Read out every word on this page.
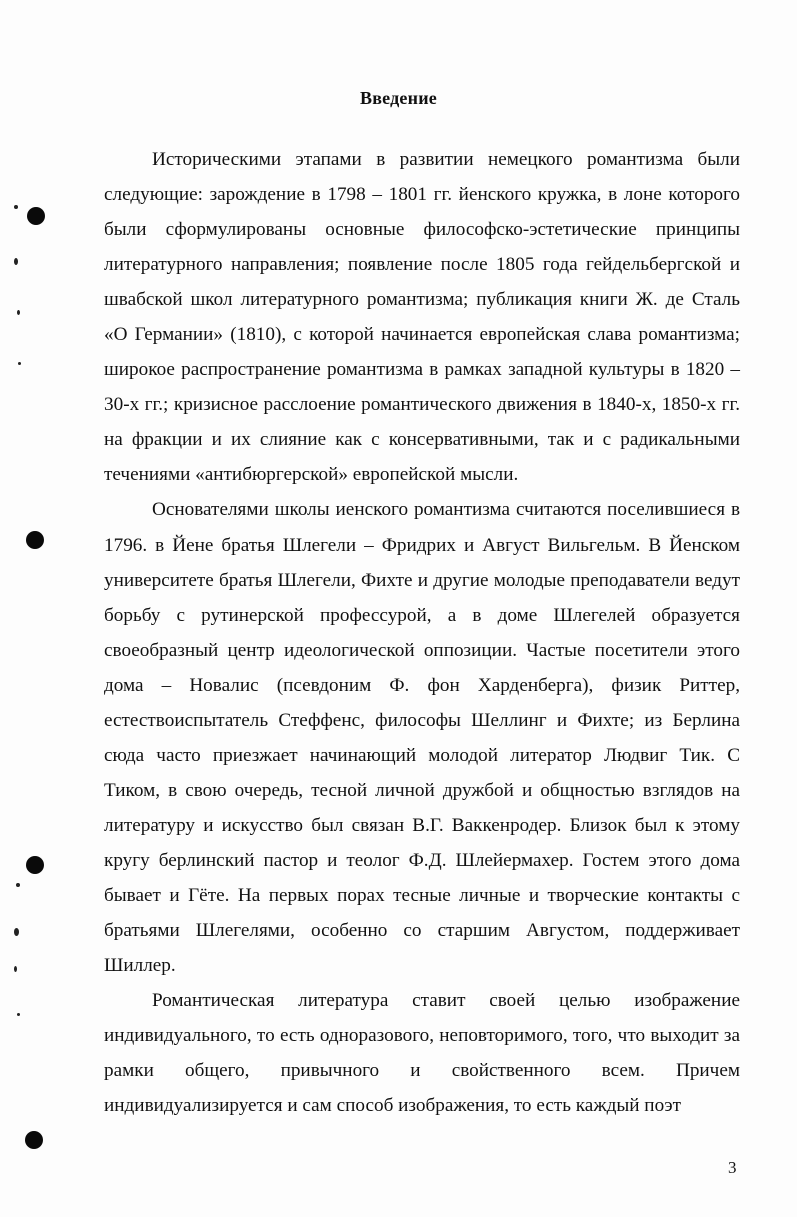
Введение

Историческими этапами в развитии немецкого романтизма были следующие: зарождение в 1798 – 1801 гг. йенского кружка, в лоне которого были сформулированы основные философско-эстетические принципы литературного направления; появление после 1805 года гейдельбергской и швабской школ литературного романтизма; публикация книги Ж. де Сталь «О Германии» (1810), с которой начинается европейская слава романтизма; широкое распространение романтизма в рамках западной культуры в 1820 – 30-х гг.; кризисное расслоение романтического движения в 1840-х, 1850-х гг. на фракции и их слияние как с консервативными, так и с радикальными течениями «антибюргерской» европейской мысли.

Основателями школы иенского романтизма считаются поселившиеся в 1796. в Йене братья Шлегели – Фридрих и Август Вильгельм. В Йенском университете братья Шлегели, Фихте и другие молодые преподаватели ведут борьбу с рутинерской профессурой, а в доме Шлегелей образуется своеобразный центр идеологической оппозиции. Частые посетители этого дома – Новалис (псевдоним Ф. фон Харденберга), физик Риттер, естествоиспытатель Стеффенс, философы Шеллинг и Фихте; из Берлина сюда часто приезжает начинающий молодой литератор Людвиг Тик. С Тиком, в свою очередь, тесной личной дружбой и общностью взглядов на литературу и искусство был связан В.Г. Ваккенродер. Близок был к этому кругу берлинский пастор и теолог Ф.Д. Шлейермахер. Гостем этого дома бывает и Гёте. На первых порах тесные личные и творческие контакты с братьями Шлегелями, особенно со старшим Августом, поддерживает Шиллер.

Романтическая литература ставит своей целью изображение индивидуального, то есть одноразового, неповторимого, того, что выходит за рамки общего, привычного и свойственного всем. Причем индивидуализируется и сам способ изображения, то есть каждый поэт

3
